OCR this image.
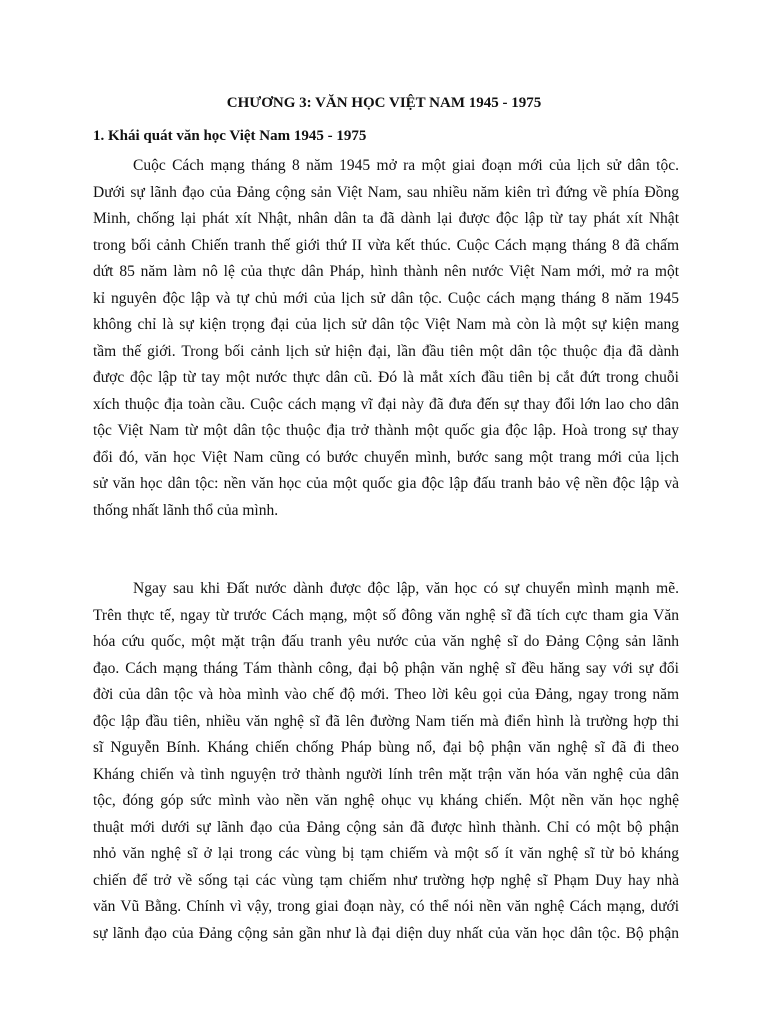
CHƯƠNG 3: VĂN HỌC VIỆT NAM 1945 - 1975
1. Khái quát văn học Việt Nam 1945 - 1975

Cuộc Cách mạng tháng 8 năm 1945 mở ra một giai đoạn mới của lịch sử dân tộc.
Dưới sự lãnh đạo của Đảng cộng sản Việt Nam, sau nhiều năm kiên trì đứng về phía Đồng
Minh, chống lại phát xít Nhật, nhân dân ta đã dành lại được độc lập từ tay phát xít Nhật
trong bối cảnh Chiến tranh thế giới thứ II vừa kết thúc. Cuộc Cách mạng tháng 8 đã chấm
dứt 85 năm làm nô lệ của thực dân Pháp, hình thành nên nước Việt Nam mới, mở ra một
kỉ nguyên độc lập và tự chủ mới của lịch sử dân tộc. Cuộc cách mạng tháng 8 năm 1945
không chỉ là sự kiện trọng đại của lịch sử dân tộc Việt Nam mà còn là một sự kiện mang
tầm thế giới. Trong bối cảnh lịch sử hiện đại, lần đầu tiên một dân tộc thuộc địa đã dành
được độc lập từ tay một nước thực dân cũ. Đó là mắt xích đầu tiên bị cắt đứt trong chuỗi
xích thuộc địa toàn cầu. Cuộc cách mạng vĩ đại này đã đưa đến sự thay đổi lớn lao cho dân
tộc Việt Nam từ một dân tộc thuộc địa trở thành một quốc gia độc lập. Hoà trong sự thay
đổi đó, văn học Việt Nam cũng có bước chuyển mình, bước sang một trang mới của lịch
sử văn học dân tộc: nền văn học của một quốc gia độc lập đấu tranh bảo vệ nền độc lập và
thống nhất lãnh thổ của mình.

Ngay sau khi Đất nước dành được độc lập, văn học có sự chuyển mình mạnh mẽ.
Trên thực tế, ngay từ trước Cách mạng, một số đông văn nghệ sĩ đã tích cực tham gia Văn
hóa cứu quốc, một mặt trận đấu tranh yêu nước của văn nghệ sĩ do Đảng Cộng sản lãnh
đạo. Cách mạng tháng Tám thành công, đại bộ phận văn nghệ sĩ đều hăng say với sự đổi
đời của dân tộc và hòa mình vào chế độ mới. Theo lời kêu gọi của Đảng, ngay trong năm
độc lập đầu tiên, nhiều văn nghệ sĩ đã lên đường Nam tiến mà điển hình là trường hợp thi
sĩ Nguyễn Bính. Kháng chiến chống Pháp bùng nổ, đại bộ phận văn nghệ sĩ đã đi theo
Kháng chiến và tình nguyện trở thành người lính trên mặt trận văn hóa văn nghệ của dân
tộc, đóng góp sức mình vào nền văn nghệ ohục vụ kháng chiến. Một nền văn học nghệ
thuật mới dưới sự lãnh đạo của Đảng cộng sản đã được hình thành. Chỉ có một bộ phận
nhỏ văn nghệ sĩ ở lại trong các vùng bị tạm chiếm và một số ít văn nghệ sĩ từ bỏ kháng
chiến để trở về sống tại các vùng tạm chiếm như trường hợp nghệ sĩ Phạm Duy hay nhà
văn Vũ Bằng. Chính vì vậy, trong giai đoạn này, có thể nói nền văn nghệ Cách mạng, dưới
sự lãnh đạo của Đảng cộng sản gần như là đại diện duy nhất của văn học dân tộc. Bộ phận
